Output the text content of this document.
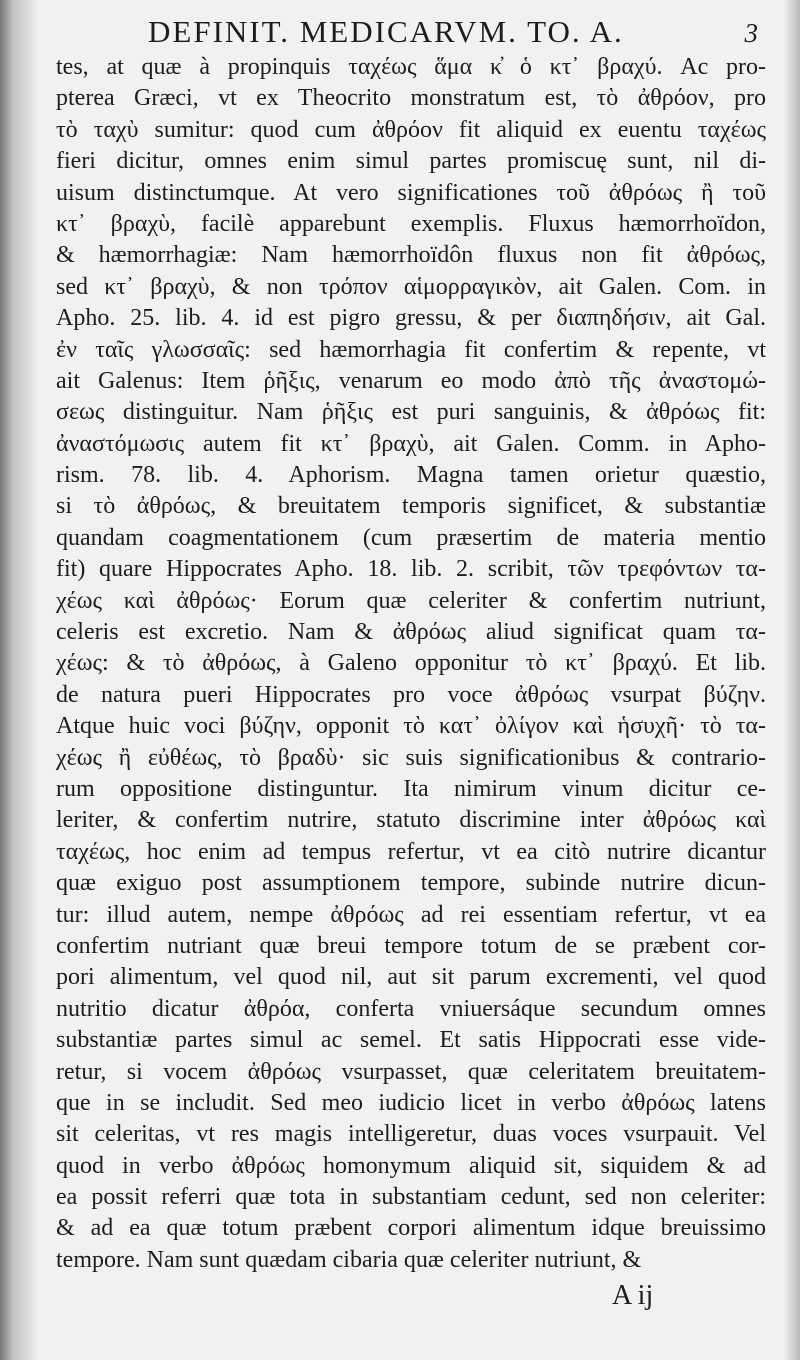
DEFINIT. MEDICARVM. TO. A.	3
tes, at quæ à propinquis ταχέως ἅμα κ̓ ὁ κτ᾽ βραχύ. Ac pro-
pterea Græci, vt ex Theocrito monstratum est, τὸ ἀθρόον, pro
τὸ ταχὺ sumitur: quod cum ἀθρόον fit aliquid ex euentu ταχέως
fieri dicitur, omnes enim simul partes promiscuę sunt, nil di-
uisum distinctumque. At vero significationes τοῦ ἀθρόως ἢ τοῦ
κτ᾽ βραχὺ, facilè apparebunt exemplis. Fluxus hæmorrhoïdon,
& hæmorrhagiæ: Nam hæmorrhoïdôn fluxus non fit ἀθρόως,
sed κτ᾽ βραχὺ, & non τρόπον αἱμορραγικὸν, ait Galen. Com. in
Apho. 25. lib. 4. id est pigro gressu, & per διαπηδήσιν, ait Gal.
ἐν ταῖς γλωσσαῖς: sed hæmorrhagia fit confertim & repente, vt
ait Galenus: Item ῥῆξις, venarum eo modo ἀπὸ τῆς ἀναστομώ-
σεως distinguitur. Nam ῥῆξις est puri sanguinis, & ἀθρόως fit:
ἀναστόμωσις autem fit κτ᾽ βραχὺ, ait Galen. Comm. in Apho-
rism. 78. lib. 4. Aphorism. Magna tamen orietur quæstio,
si τὸ ἀθρόως, & breuitatem temporis significet, & substantiæ
quandam coagmentationem (cum præsertim de materia mentio
fit) quare Hippocrates Apho. 18. lib. 2. scribit, τῶν τρεφόντων τα-
χέως καὶ ἀθρόως· Eorum quæ celeriter & confertim nutriunt,
celeris est excretio. Nam & ἀθρόως aliud significat quam τα-
χέως: & τὸ ἀθρόως, à Galeno opponitur τὸ κτ᾽ βραχύ. Et lib.
de natura pueri Hippocrates pro voce ἀθρόως vsurpat βύζην.
Atque huic voci βύζην, opponit τὸ κατ᾽ ὀλίγον καὶ ἡσυχῆ· τὸ τα-
χέως ἢ εὐθέως, τὸ βραδὺ· sic suis significationibus & contrario-
rum oppositione distinguntur. Ita nimirum vinum dicitur ce-
leriter, & confertim nutrire, statuto discrimine inter ἀθρόως καὶ
ταχέως, hoc enim ad tempus refertur, vt ea citò nutrire dicantur
quæ exiguo post assumptionem tempore, subinde nutrire dicun-
tur: illud autem, nempe ἀθρόως ad rei essentiam refertur, vt ea
confertim nutriant quæ breui tempore totum de se præbent cor-
pori alimentum, vel quod nil, aut sit parum excrementi, vel quod
nutritio dicatur ἀθρόα, conferta vniuersáque secundum omnes
substantiæ partes simul ac semel. Et satis Hippocrati esse vide-
retur, si vocem ἀθρόως vsurpasset, quæ celeritatem breuitatem-
que in se includit. Sed meo iudicio licet in verbo ἀθρόως latens
sit celeritas, vt res magis intelligeretur, duas voces vsurpauit. Vel
quod in verbo ἀθρόως homonymum aliquid sit, siquidem & ad
ea possit referri quæ tota in substantiam cedunt, sed non celeriter:
& ad ea quæ totum præbent corpori alimentum idque breuissimo
tempore. Nam sunt quædam cibaria quæ celeriter nutriunt, &
A ij
